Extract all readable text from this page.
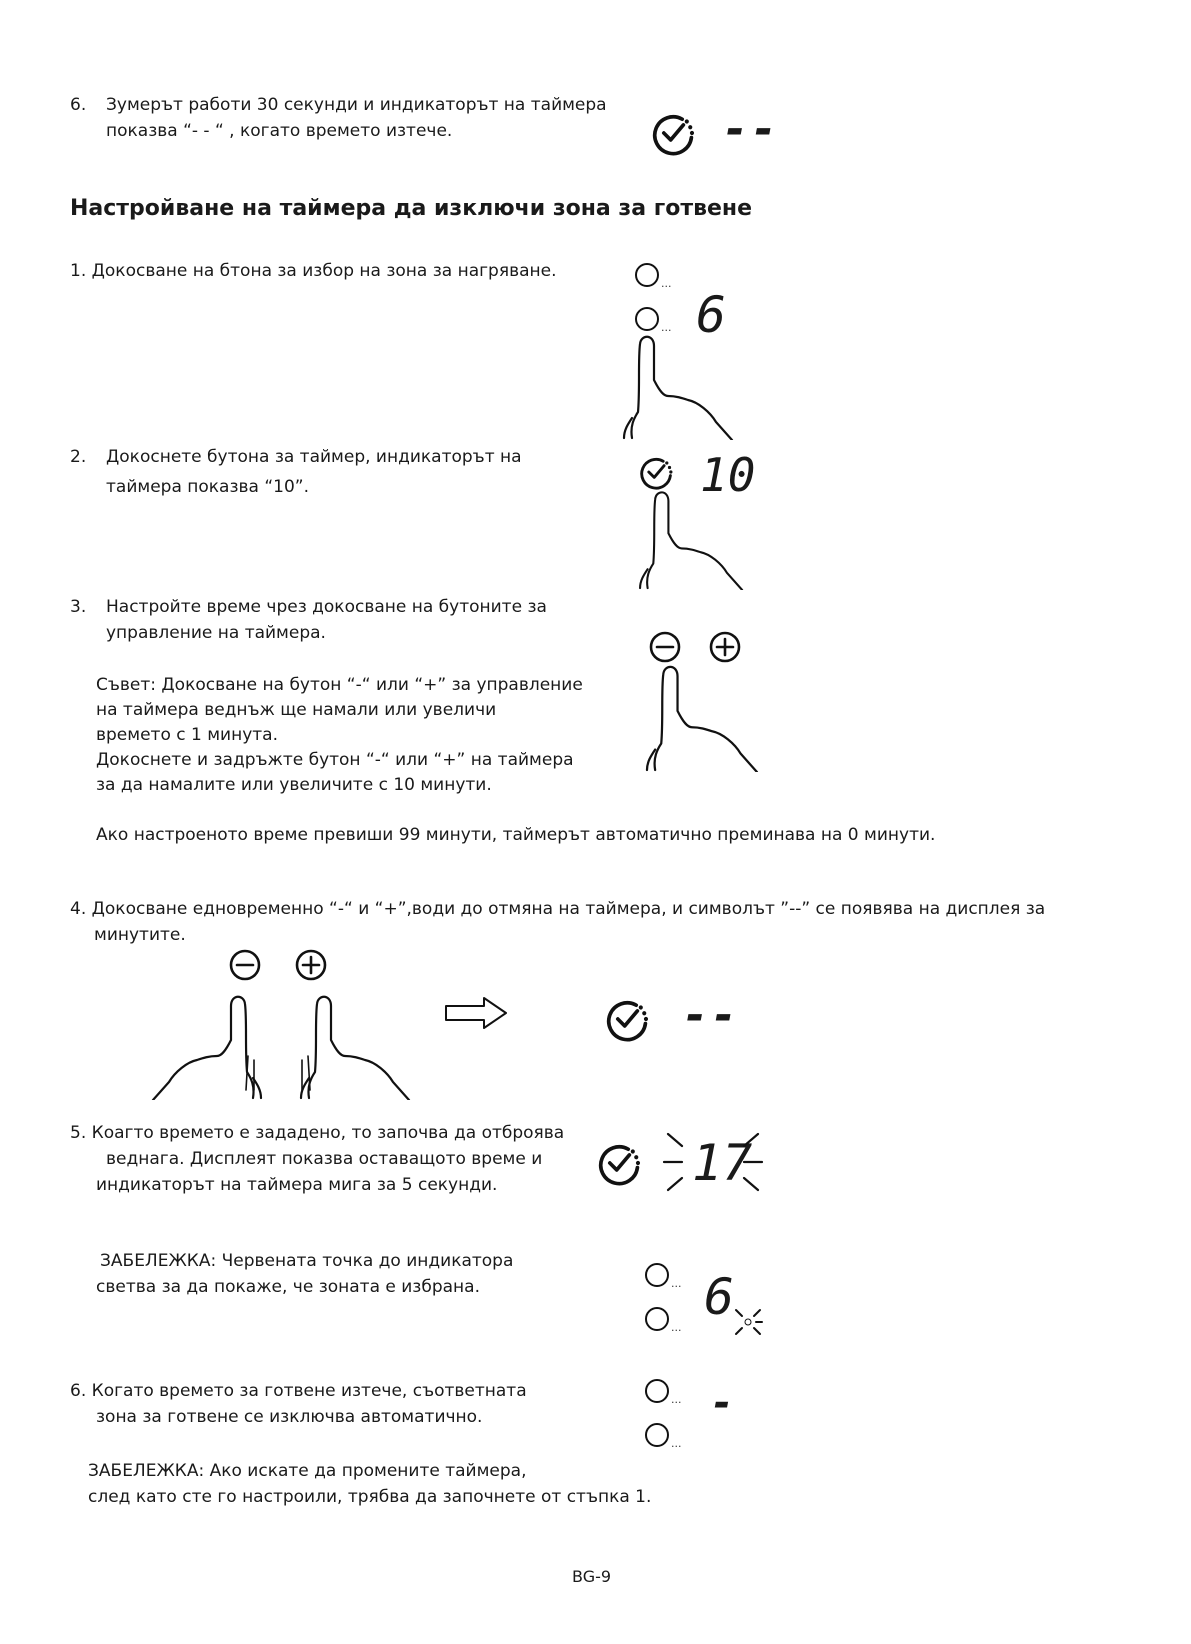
6. Зумерът работи 30 секунди и индикаторът на таймера
показва “- - “ , когато времето изтече.	--
Настройване на таймера да изключи зона за готвене
1. Докосване на бтона за избор на зона за нагряване.
...
... 6
2. Докоснете бутона за таймер, индикаторът на
таймера показва “10”.	10
3. Настройте време чрез докосване на бутоните за
управление на таймера.
Съвет: Докосване на бутон “-“ или “+” за управление
на таймера веднъж ще намали или увеличи
времето с 1 минута.
Докоснете и задръжте бутон “-“ или “+” на таймера
за да намалите или увеличите с 10 минути.
Ако настроеното време превиши 99 минути, таймерът автоматично преминава на 0 минути.
4. Докосване едновременно “-“ и “+”,води до отмяна на таймера, и символът ”--” се появява на дисплея за
минутите.
--
5. Коагто времето е зададено, то започва да отброява
веднага. Дисплеят показва оставащото време и
индикаторът на таймера мига за 5 секунди.	17
ЗАБЕЛЕЖКА: Червената точка до индикатора
светва за да покаже, че зоната е избрана.	...
...
6
6. Когато времето за готвене изтече, съответната
зона за готвене се изключва автоматично.
...
...
-
ЗАБЕЛЕЖКА: Ако искате да промените таймера,
след като сте го настроили, трябва да започнете от стъпка 1.
BG-9
